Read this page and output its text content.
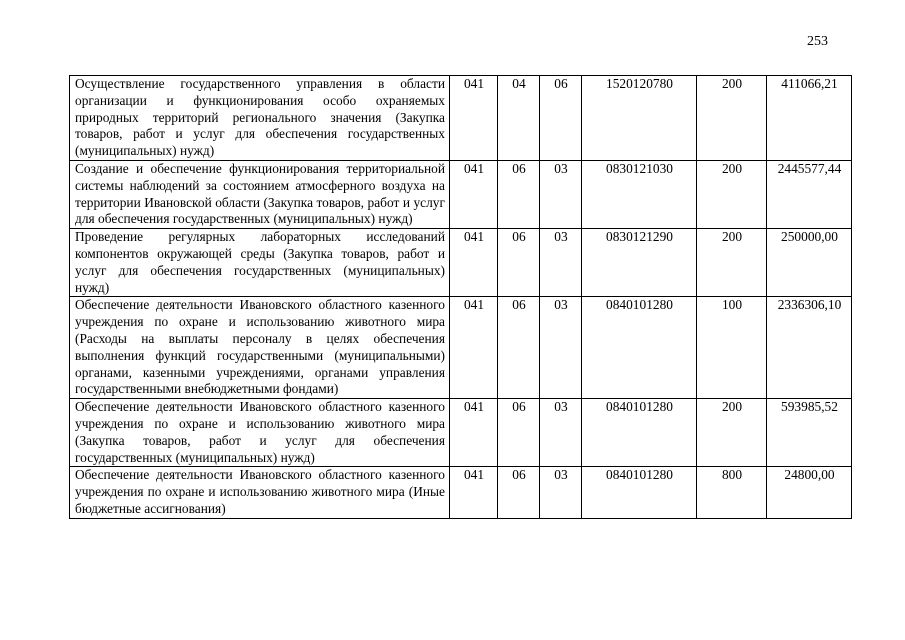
253
Осуществление государственного управления в области организации и функционирования особо охраняемых природных территорий регионального значения (Закупка товаров, работ и услуг для обеспечения государственных (муниципальных) нужд)	041	04	06	1520120780	200	411066,21
Создание и обеспечение функционирования территориальной системы наблюдений за состоянием атмосферного воздуха на территории Ивановской области (Закупка товаров, работ и услуг для обеспечения государственных (муниципальных) нужд)	041	06	03	0830121030	200	2445577,44
Проведение регулярных лабораторных исследований компонентов окружающей среды (Закупка товаров, работ и услуг для обеспечения государственных (муниципальных) нужд)	041	06	03	0830121290	200	250000,00
Обеспечение деятельности Ивановского областного казенного учреждения по охране и использованию животного мира (Расходы на выплаты персоналу в целях обеспечения выполнения функций государственными (муниципальными) органами, казенными учреждениями, органами управления государственными внебюджетными фондами)	041	06	03	0840101280	100	2336306,10
Обеспечение деятельности Ивановского областного казенного учреждения по охране и использованию животного мира (Закупка товаров, работ и услуг для обеспечения государственных (муниципальных) нужд)	041	06	03	0840101280	200	593985,52
Обеспечение деятельности Ивановского областного казенного учреждения по охране и использованию животного мира (Иные бюджетные ассигнования)	041	06	03	0840101280	800	24800,00
